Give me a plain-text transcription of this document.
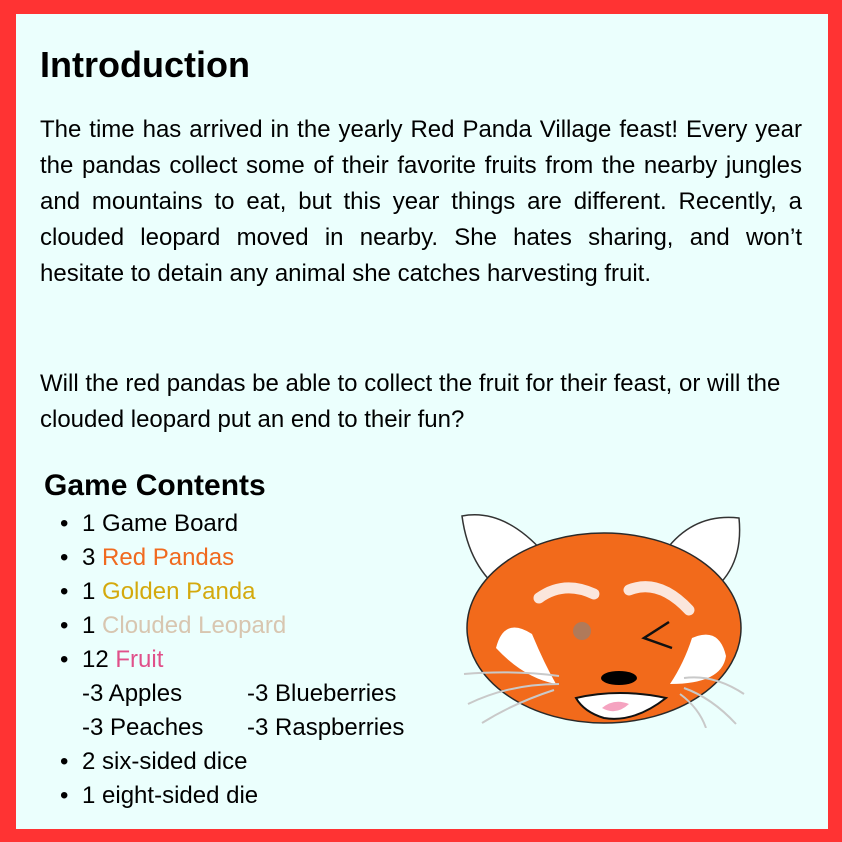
Introduction

The time has arrived in the yearly Red Panda Village feast! Every year the pandas collect some of their favorite fruits from the nearby jungles and mountains to eat, but this year things are different. Recently, a clouded leopard moved in nearby. She hates sharing, and won’t hesitate to detain any animal she catches harvesting fruit.

Will the red pandas be able to collect the fruit for their feast, or will the clouded leopard put an end to their fun?

Game Contents
• 1 Game Board
• 3 Red Pandas
• 1 Golden Panda
• 1 Clouded Leopard
• 12 Fruit
-3 Apples	-3 Blueberries
-3 Peaches -3 Raspberries
• 2 six-sided dice
• 1 eight-sided die
